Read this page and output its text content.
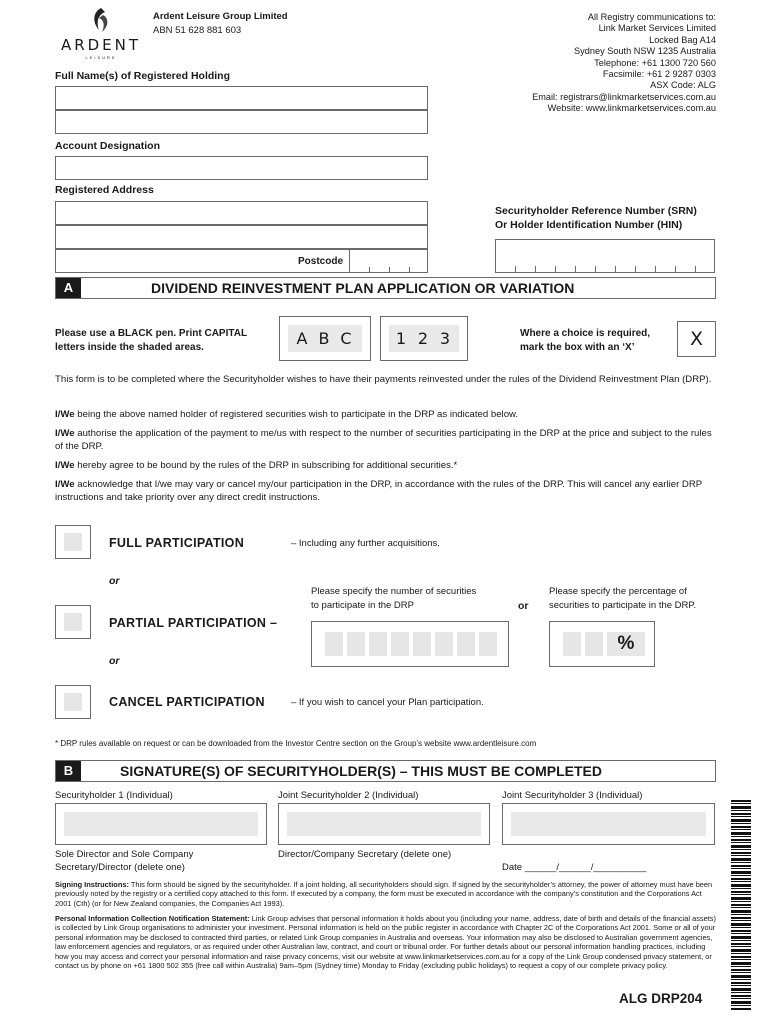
ARDENT
LEISURE
Ardent Leisure Group Limited
ABN 51 628 881 603
All Registry communications to:
Link Market Services Limited
Locked Bag A14
Sydney South NSW 1235 Australia
Telephone: +61 1300 720 560
Facsimile: +61 2 9287 0303
ASX Code: ALG
Email: registrars@linkmarketservices.com.au
Website: www.linkmarketservices.com.au
Full Name(s) of Registered Holding
Account Designation
Registered Address
Postcode
Securityholder Reference Number (SRN)
Or Holder Identification Number (HIN)
A	DIVIDEND REINVESTMENT PLAN APPLICATION OR VARIATION
Please use a BLACK pen. Print CAPITAL
letters inside the shaded areas.	A B C	1 2 3	Where a choice is required,
mark the box with an ‘X’	X
This form is to be completed where the Securityholder wishes to have their payments reinvested under the rules of the Dividend Reinvestment Plan (DRP).
I/We being the above named holder of registered securities wish to participate in the DRP as indicated below.
I/We authorise the application of the payment to me/us with respect to the number of securities participating in the DRP at the price and subject to the rules of the DRP.
I/We hereby agree to be bound by the rules of the DRP in subscribing for additional securities.*
I/We acknowledge that I/we may vary or cancel my/our participation in the DRP, in accordance with the rules of the DRP. This will cancel any earlier DRP instructions and take priority over any direct credit instructions.
FULL PARTICIPATION	– Including any further acquisitions.
or
PARTIAL PARTICIPATION –
Please specify the number of securities
to participate in the DRP	or
Please specify the percentage of
securities to participate in the DRP.
%
or
CANCEL PARTICIPATION	– If you wish to cancel your Plan participation.
* DRP rules available on request or can be downloaded from the Investor Centre section on the Group’s website www.ardentleisure.com
B	SIGNATURE(S) OF SECURITYHOLDER(S) – THIS MUST BE COMPLETED
Securityholder 1 (Individual)	Joint Securityholder 2 (Individual)	Joint Securityholder 3 (Individual)
Sole Director and Sole Company
Secretary/Director (delete one)
Director/Company Secretary (delete one)
Date ______/______/__________
Signing Instructions: This form should be signed by the securityholder. If a joint holding, all securityholders should sign. If signed by the securityholder’s attorney, the power of attorney must have been previously noted by the registry or a certified copy attached to this form. If executed by a company, the form must be executed in accordance with the company’s constitution and the Corporations Act 2001 (Cth) (or for New Zealand companies, the Companies Act 1993).
Personal Information Collection Notification Statement: Link Group advises that personal information it holds about you (including your name, address, date of birth and details of the financial assets) is collected by Link Group organisations to administer your investment. Personal information is held on the public register in accordance with Chapter 2C of the Corporations Act 2001. Some or all of your personal information may be disclosed to contracted third parties, or related Link Group companies in Australia and overseas. Your information may also be disclosed to Australian government agencies, law enforcement agencies and regulators, or as required under other Australian law, contract, and court or tribunal order. For further details about our personal information handling practices, including how you may access and correct your personal information and raise privacy concerns, visit our website at www.linkmarketservices.com.au for a copy of the Link Group condensed privacy statement, or contact us by phone on +61 1800 502 355 (free call within Australia) 9am–5pm (Sydney time) Monday to Friday (excluding public holidays) to request a copy of our complete privacy policy.
ALG DRP204
